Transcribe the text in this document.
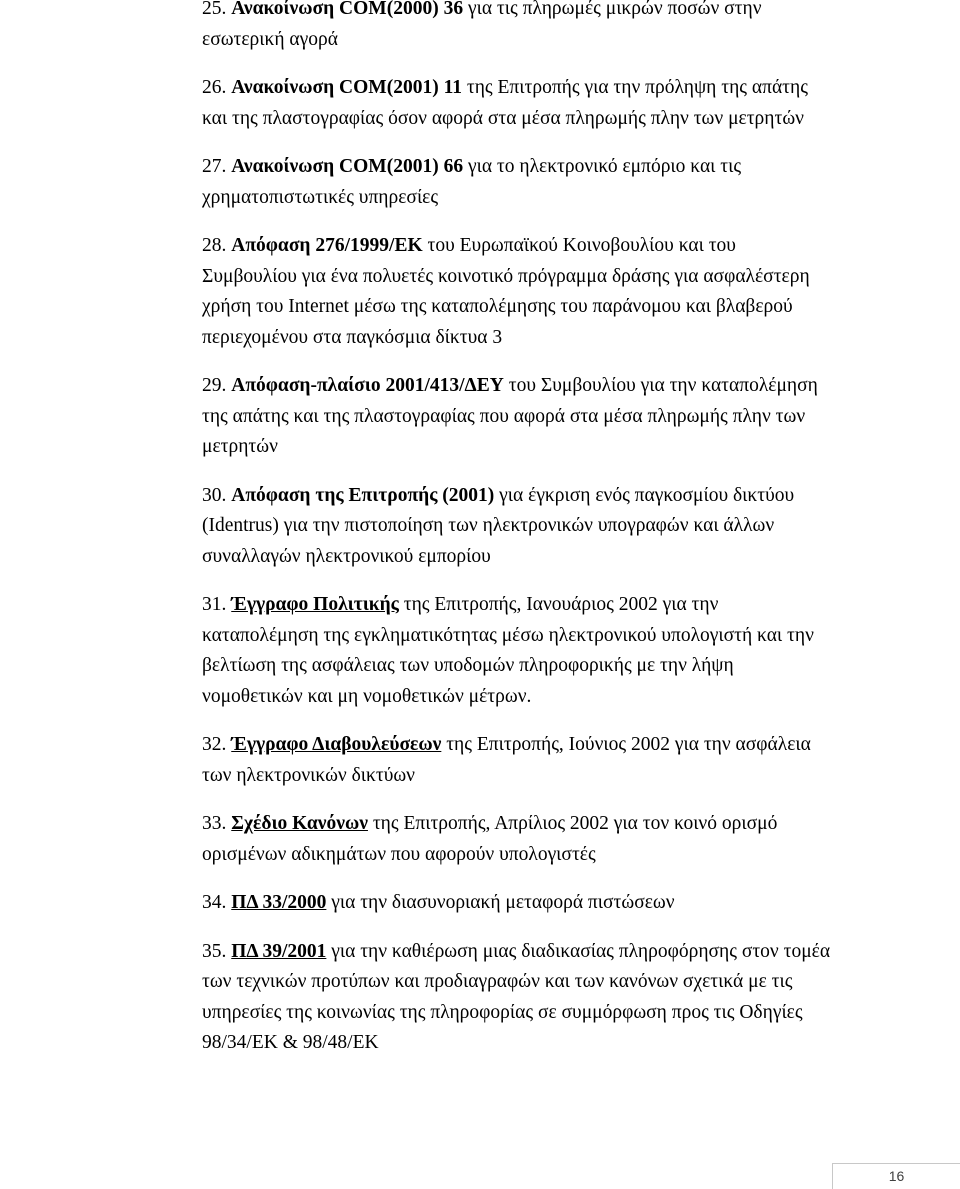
25. Ανακοίνωση COM(2000) 36 για τις πληρωμές μικρών ποσών στην εσωτερική αγορά

26. Ανακοίνωση COM(2001) 11 της Επιτροπής για την πρόληψη της απάτης και της πλαστογραφίας όσον αφορά στα μέσα πληρωμής πλην των μετρητών

27. Ανακοίνωση COM(2001) 66 για το ηλεκτρονικό εμπόριο και τις χρηματοπιστωτικές υπηρεσίες

28. Απόφαση 276/1999/ΕΚ του Ευρωπαϊκού Κοινοβουλίου και του Συμβουλίου για ένα πολυετές κοινοτικό πρόγραμμα δράσης για ασφαλέστερη χρήση του Internet μέσω της καταπολέμησης του παράνομου και βλαβερού περιεχομένου στα παγκόσμια δίκτυα 3

29. Απόφαση-πλαίσιο 2001/413/ΔΕΥ του Συμβουλίου για την καταπολέμηση της απάτης και της πλαστογραφίας που αφορά στα μέσα πληρωμής πλην των μετρητών

30. Απόφαση της Επιτροπής (2001) για έγκριση ενός παγκοσμίου δικτύου (Identrus) για την πιστοποίηση των ηλεκτρονικών υπογραφών και άλλων συναλλαγών ηλεκτρονικού εμπορίου

31. Έγγραφο Πολιτικής της Επιτροπής, Ιανουάριος 2002 για την καταπολέμηση της εγκληματικότητας μέσω ηλεκτρονικού υπολογιστή και την βελτίωση της ασφάλειας των υποδομών πληροφορικής με την λήψη νομοθετικών και μη νομοθετικών μέτρων.

32. Έγγραφο Διαβουλεύσεων της Επιτροπής, Ιούνιος 2002 για την ασφάλεια των ηλεκτρονικών δικτύων

33. Σχέδιο Κανόνων της Επιτροπής, Απρίλιος 2002 για τον κοινό ορισμό ορισμένων αδικημάτων που αφορούν υπολογιστές

34. ΠΔ 33/2000 για την διασυνοριακή μεταφορά πιστώσεων

35. ΠΔ 39/2001 για την καθιέρωση μιας διαδικασίας πληροφόρησης στον τομέα των τεχνικών προτύπων και προδιαγραφών και των κανόνων σχετικά με τις υπηρεσίες της κοινωνίας της πληροφορίας σε συμμόρφωση προς τις Οδηγίες 98/34/ΕΚ & 98/48/ΕΚ

16
